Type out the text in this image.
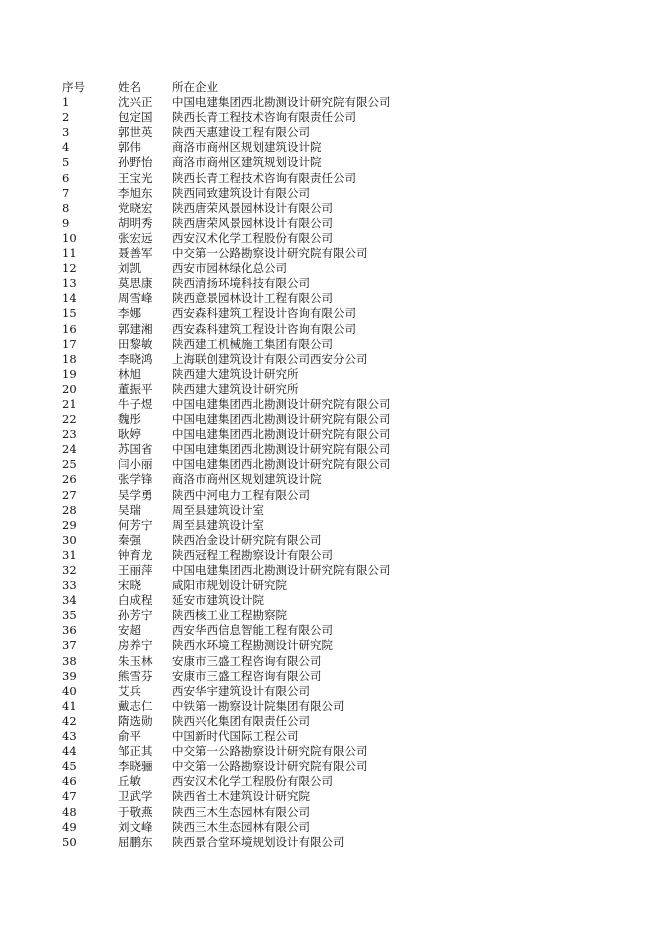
序号	姓名	所在企业
1	沈兴正	中国电建集团西北勘测设计研究院有限公司
2	包定国	陕西长青工程技术咨询有限责任公司
3	郭世英	陕西天惠建设工程有限公司
4	郭伟	商洛市商州区规划建筑设计院
5	孙野怡	商洛市商州区建筑规划设计院
6	王宝光	陕西长青工程技术咨询有限责任公司
7	李旭东	陕西同致建筑设计有限公司
8	党晓宏	陕西唐荣风景园林设计有限公司
9	胡明秀	陕西唐荣风景园林设计有限公司
10	张宏远	西安汉术化学工程股份有限公司
11	聂善军	中交第一公路勘察设计研究院有限公司
12	刘凯	西安市园林绿化总公司
13	莫思康	陕西清扬环境科技有限公司
14	周雪峰	陕西意景园林设计工程有限公司
15	李娜	西安森科建筑工程设计咨询有限公司
16	郭建湘	西安森科建筑工程设计咨询有限公司
17	田黎敏	陕西建工机械施工集团有限公司
18	李晓鸿	上海联创建筑设计有限公司西安分公司
19	林旭	陕西建大建筑设计研究所
20	董振平	陕西建大建筑设计研究所
21	牛子煜	中国电建集团西北勘测设计研究院有限公司
22	魏彤	中国电建集团西北勘测设计研究院有限公司
23	耿婷	中国电建集团西北勘测设计研究院有限公司
24	苏国省	中国电建集团西北勘测设计研究院有限公司
25	闫小丽	中国电建集团西北勘测设计研究院有限公司
26	张学锋	商洛市商州区规划建筑设计院
27	吴学勇	陕西中河电力工程有限公司
28	吴瑞	周至县建筑设计室
29	何芳宁	周至县建筑设计室
30	秦强	陕西冶金设计研究院有限公司
31	钟育龙	陕西冠程工程勘察设计有限公司
32	王丽萍	中国电建集团西北勘测设计研究院有限公司
33	宋晓	咸阳市规划设计研究院
34	白成程	延安市建筑设计院
35	孙芳宁	陕西核工业工程勘察院
36	安超	西安华西信息智能工程有限公司
37	房养宁	陕西水环境工程勘测设计研究院
38	朱玉林	安康市三盛工程咨询有限公司
39	熊雪芬	安康市三盛工程咨询有限公司
40	艾兵	西安华宇建筑设计有限公司
41	戴志仁	中铁第一勘察设计院集团有限公司
42	隋选勋	陕西兴化集团有限责任公司
43	俞平	中国新时代国际工程公司
44	邹正其	中交第一公路勘察设计研究院有限公司
45	李晓骊	中交第一公路勘察设计研究院有限公司
46	丘敏	西安汉术化学工程股份有限公司
47	卫武学	陕西省土木建筑设计研究院
48	于敬燕	陕西三木生态园林有限公司
49	刘文峰	陕西三木生态园林有限公司
50	屈鹏东	陕西景合堂环境规划设计有限公司
